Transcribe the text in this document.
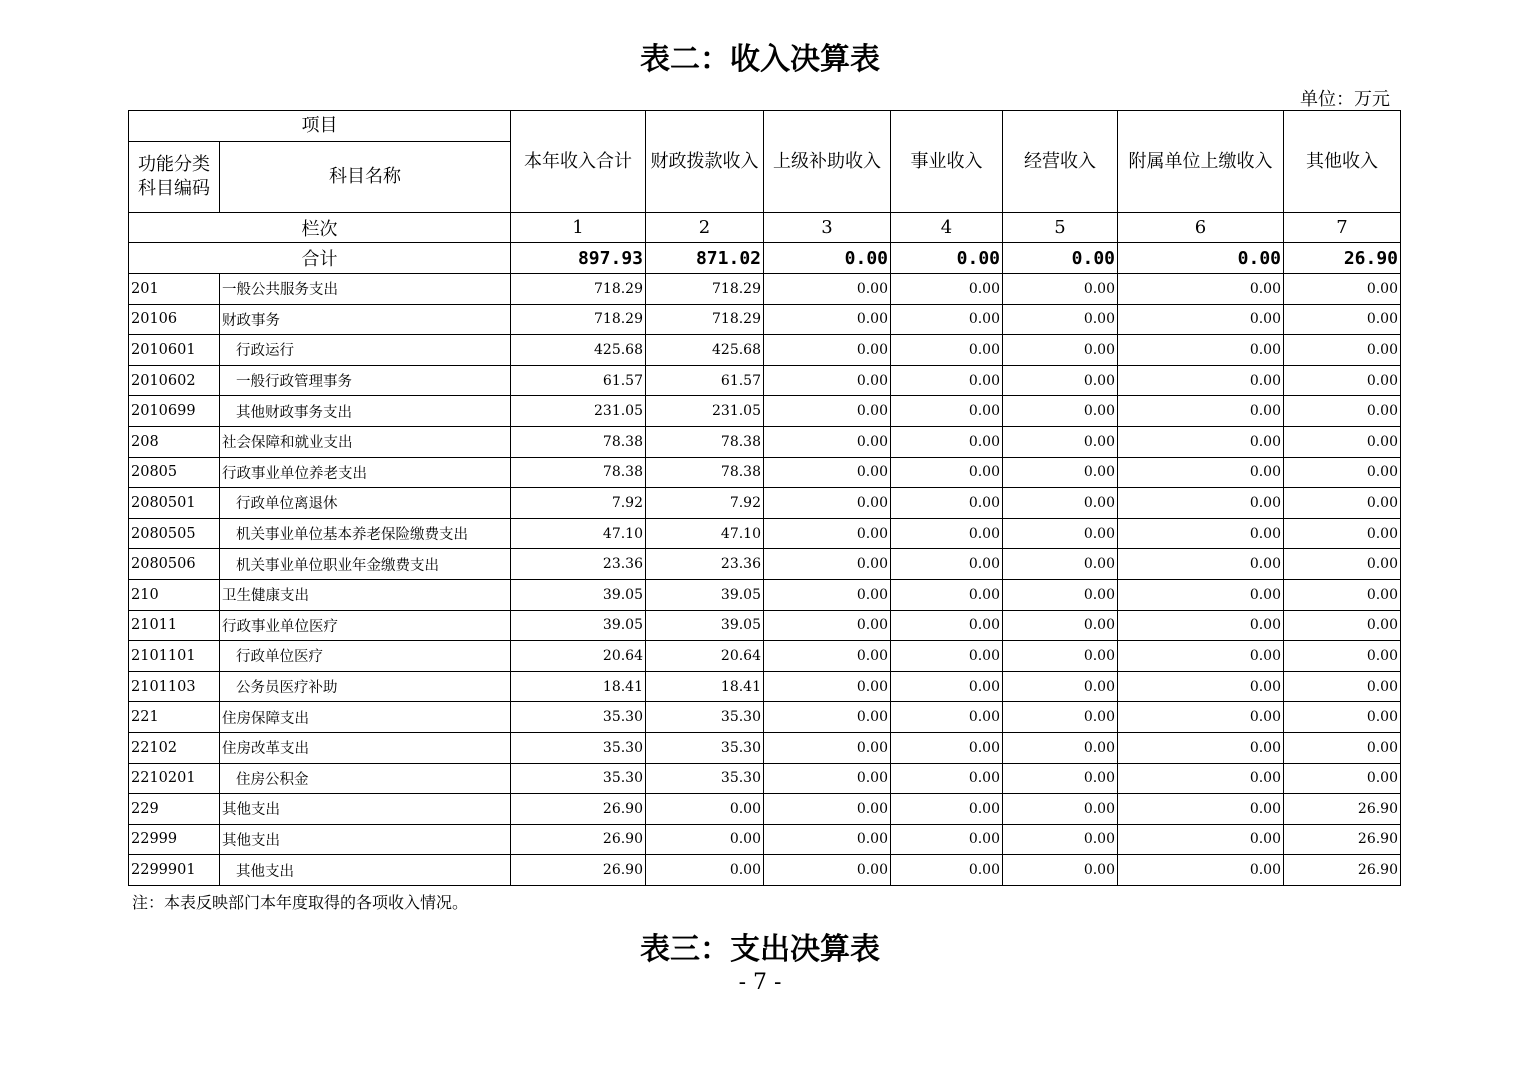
表二：收入决算表
单位：万元
项目		本年收入合计	财政拨款收入	上级补助收入	事业收入	经营收入	附属单位上缴收入	其他收入
功能分类科目编码	科目名称							
栏次		1	2	3	4	5	6	7
合计		897.93	871.02	0.00	0.00	0.00	0.00	26.90
201	一般公共服务支出	718.29	718.29	0.00	0.00	0.00	0.00	0.00
20106	财政事务	718.29	718.29	0.00	0.00	0.00	0.00	0.00
2010601	行政运行	425.68	425.68	0.00	0.00	0.00	0.00	0.00
2010602	一般行政管理事务	61.57	61.57	0.00	0.00	0.00	0.00	0.00
2010699	其他财政事务支出	231.05	231.05	0.00	0.00	0.00	0.00	0.00
208	社会保障和就业支出	78.38	78.38	0.00	0.00	0.00	0.00	0.00
20805	行政事业单位养老支出	78.38	78.38	0.00	0.00	0.00	0.00	0.00
2080501	行政单位离退休	7.92	7.92	0.00	0.00	0.00	0.00	0.00
2080505	机关事业单位基本养老保险缴费支出	47.10	47.10	0.00	0.00	0.00	0.00	0.00
2080506	机关事业单位职业年金缴费支出	23.36	23.36	0.00	0.00	0.00	0.00	0.00
210	卫生健康支出	39.05	39.05	0.00	0.00	0.00	0.00	0.00
21011	行政事业单位医疗	39.05	39.05	0.00	0.00	0.00	0.00	0.00
2101101	行政单位医疗	20.64	20.64	0.00	0.00	0.00	0.00	0.00
2101103	公务员医疗补助	18.41	18.41	0.00	0.00	0.00	0.00	0.00
221	住房保障支出	35.30	35.30	0.00	0.00	0.00	0.00	0.00
22102	住房改革支出	35.30	35.30	0.00	0.00	0.00	0.00	0.00
2210201	住房公积金	35.30	35.30	0.00	0.00	0.00	0.00	0.00
229	其他支出	26.90	0.00	0.00	0.00	0.00	0.00	26.90
22999	其他支出	26.90	0.00	0.00	0.00	0.00	0.00	26.90
2299901	其他支出	26.90	0.00	0.00	0.00	0.00	0.00	26.90
注：本表反映部门本年度取得的各项收入情况。
表三：支出决算表
- 7 -
